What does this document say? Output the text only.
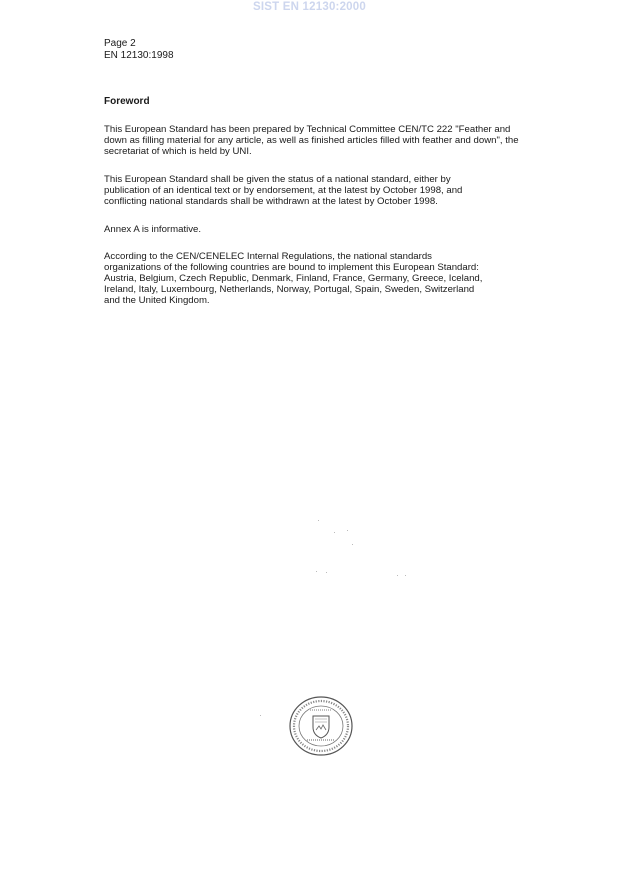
SIST EN 12130:2000
Page 2
EN 12130:1998
Foreword
This European Standard has been prepared by Technical Committee CEN/TC 222 "Feather and
down as filling material for any article, as well as finished articles filled with feather and down", the
secretariat of which is held by UNI.
This European Standard shall be given the status of a national standard, either by
publication of an identical text or by endorsement, at the latest by October 1998, and
conflicting national standards shall be withdrawn at the latest by October 1998.
Annex A is informative.
According to the CEN/CENELEC Internal Regulations, the national standards
organizations of the following countries are bound to implement this European Standard:
Austria, Belgium, Czech Republic, Denmark, Finland, France, Germany, Greece, Iceland,
Ireland, Italy, Luxembourg, Netherlands, Norway, Portugal, Spain, Sweden, Switzerland
and the United Kingdom.
